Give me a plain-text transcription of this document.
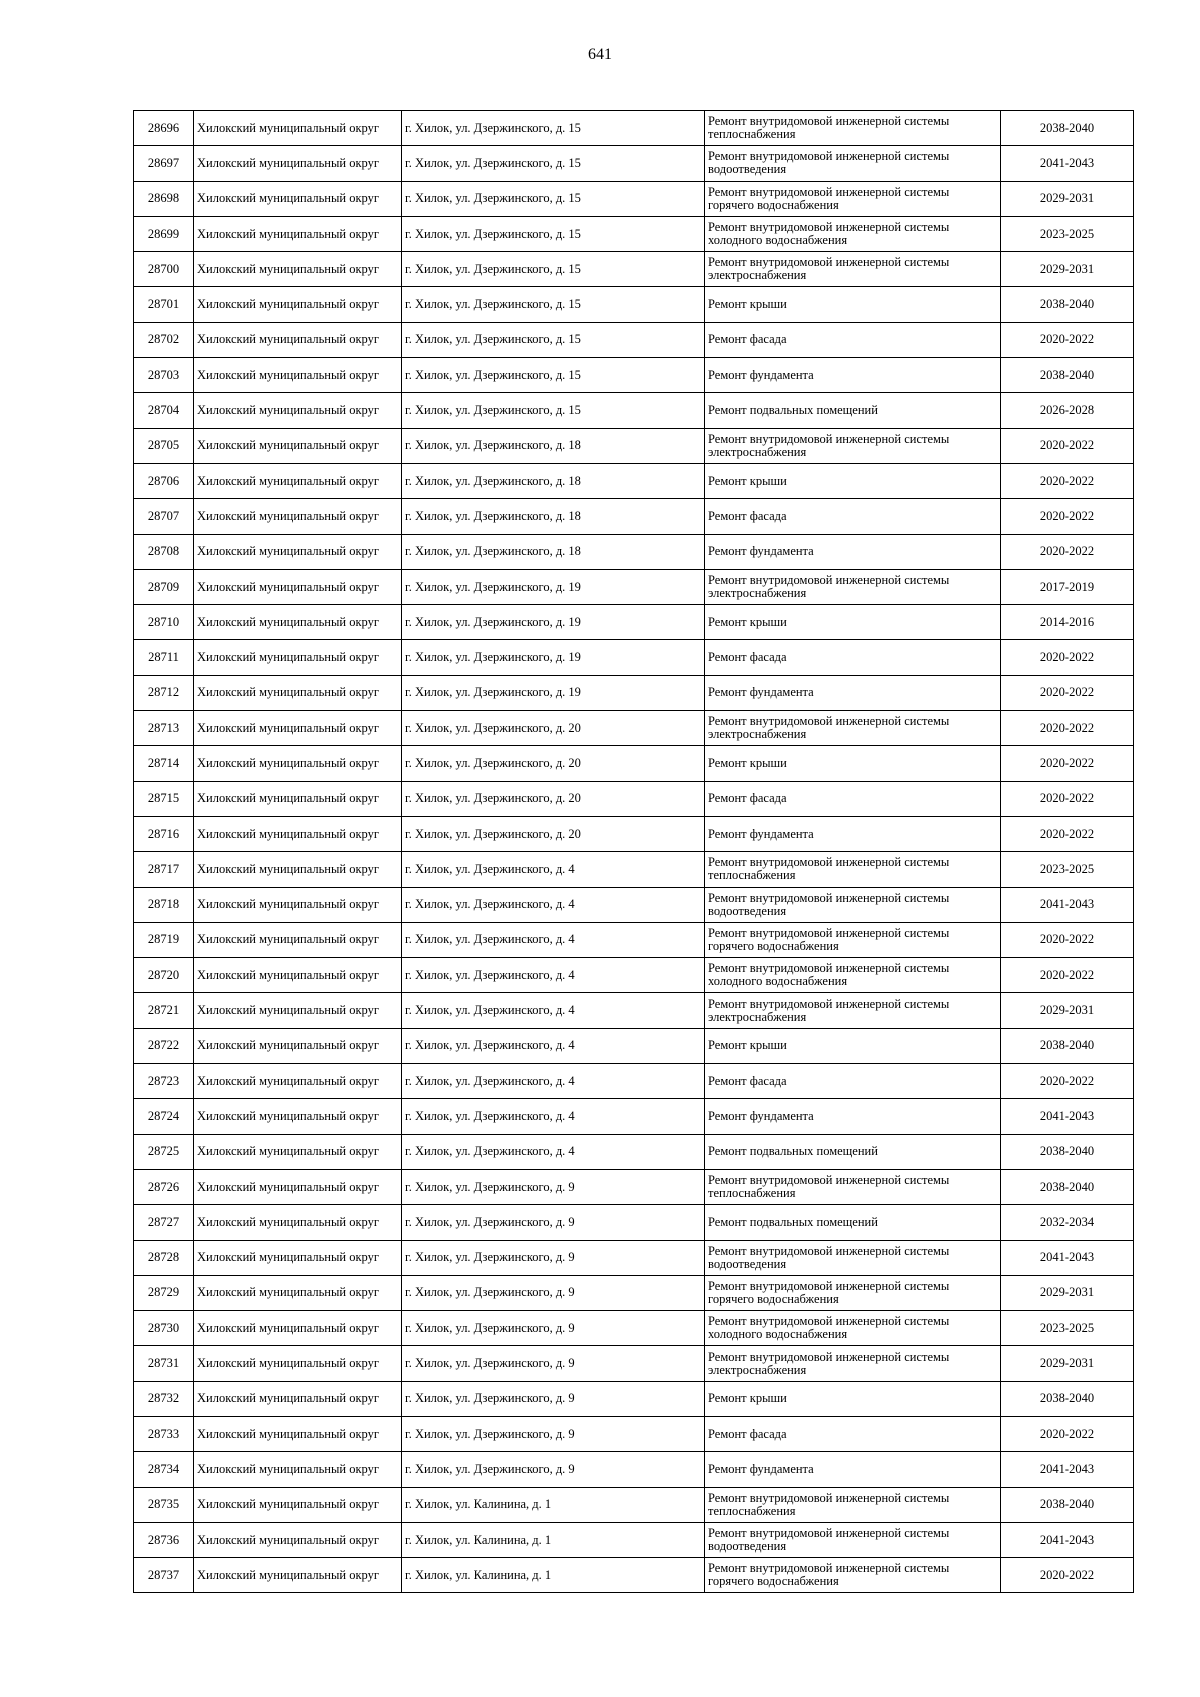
641
28696	Хилокский муниципальный округ	г. Хилок, ул. Дзержинского, д. 15	Ремонт внутридомовой инженерной системы теплоснабжения	2038-2040
28697	Хилокский муниципальный округ	г. Хилок, ул. Дзержинского, д. 15	Ремонт внутридомовой инженерной системы водоотведения	2041-2043
28698	Хилокский муниципальный округ	г. Хилок, ул. Дзержинского, д. 15	Ремонт внутридомовой инженерной системы горячего водоснабжения	2029-2031
28699	Хилокский муниципальный округ	г. Хилок, ул. Дзержинского, д. 15	Ремонт внутридомовой инженерной системы холодного водоснабжения	2023-2025
28700	Хилокский муниципальный округ	г. Хилок, ул. Дзержинского, д. 15	Ремонт внутридомовой инженерной системы электроснабжения	2029-2031
28701	Хилокский муниципальный округ	г. Хилок, ул. Дзержинского, д. 15	Ремонт крыши	2038-2040
28702	Хилокский муниципальный округ	г. Хилок, ул. Дзержинского, д. 15	Ремонт фасада	2020-2022
28703	Хилокский муниципальный округ	г. Хилок, ул. Дзержинского, д. 15	Ремонт фундамента	2038-2040
28704	Хилокский муниципальный округ	г. Хилок, ул. Дзержинского, д. 15	Ремонт подвальных помещений	2026-2028
28705	Хилокский муниципальный округ	г. Хилок, ул. Дзержинского, д. 18	Ремонт внутридомовой инженерной системы электроснабжения	2020-2022
28706	Хилокский муниципальный округ	г. Хилок, ул. Дзержинского, д. 18	Ремонт крыши	2020-2022
28707	Хилокский муниципальный округ	г. Хилок, ул. Дзержинского, д. 18	Ремонт фасада	2020-2022
28708	Хилокский муниципальный округ	г. Хилок, ул. Дзержинского, д. 18	Ремонт фундамента	2020-2022
28709	Хилокский муниципальный округ	г. Хилок, ул. Дзержинского, д. 19	Ремонт внутридомовой инженерной системы электроснабжения	2017-2019
28710	Хилокский муниципальный округ	г. Хилок, ул. Дзержинского, д. 19	Ремонт крыши	2014-2016
28711	Хилокский муниципальный округ	г. Хилок, ул. Дзержинского, д. 19	Ремонт фасада	2020-2022
28712	Хилокский муниципальный округ	г. Хилок, ул. Дзержинского, д. 19	Ремонт фундамента	2020-2022
28713	Хилокский муниципальный округ	г. Хилок, ул. Дзержинского, д. 20	Ремонт внутридомовой инженерной системы электроснабжения	2020-2022
28714	Хилокский муниципальный округ	г. Хилок, ул. Дзержинского, д. 20	Ремонт крыши	2020-2022
28715	Хилокский муниципальный округ	г. Хилок, ул. Дзержинского, д. 20	Ремонт фасада	2020-2022
28716	Хилокский муниципальный округ	г. Хилок, ул. Дзержинского, д. 20	Ремонт фундамента	2020-2022
28717	Хилокский муниципальный округ	г. Хилок, ул. Дзержинского, д. 4	Ремонт внутридомовой инженерной системы теплоснабжения	2023-2025
28718	Хилокский муниципальный округ	г. Хилок, ул. Дзержинского, д. 4	Ремонт внутридомовой инженерной системы водоотведения	2041-2043
28719	Хилокский муниципальный округ	г. Хилок, ул. Дзержинского, д. 4	Ремонт внутридомовой инженерной системы горячего водоснабжения	2020-2022
28720	Хилокский муниципальный округ	г. Хилок, ул. Дзержинского, д. 4	Ремонт внутридомовой инженерной системы холодного водоснабжения	2020-2022
28721	Хилокский муниципальный округ	г. Хилок, ул. Дзержинского, д. 4	Ремонт внутридомовой инженерной системы электроснабжения	2029-2031
28722	Хилокский муниципальный округ	г. Хилок, ул. Дзержинского, д. 4	Ремонт крыши	2038-2040
28723	Хилокский муниципальный округ	г. Хилок, ул. Дзержинского, д. 4	Ремонт фасада	2020-2022
28724	Хилокский муниципальный округ	г. Хилок, ул. Дзержинского, д. 4	Ремонт фундамента	2041-2043
28725	Хилокский муниципальный округ	г. Хилок, ул. Дзержинского, д. 4	Ремонт подвальных помещений	2038-2040
28726	Хилокский муниципальный округ	г. Хилок, ул. Дзержинского, д. 9	Ремонт внутридомовой инженерной системы теплоснабжения	2038-2040
28727	Хилокский муниципальный округ	г. Хилок, ул. Дзержинского, д. 9	Ремонт подвальных помещений	2032-2034
28728	Хилокский муниципальный округ	г. Хилок, ул. Дзержинского, д. 9	Ремонт внутридомовой инженерной системы водоотведения	2041-2043
28729	Хилокский муниципальный округ	г. Хилок, ул. Дзержинского, д. 9	Ремонт внутридомовой инженерной системы горячего водоснабжения	2029-2031
28730	Хилокский муниципальный округ	г. Хилок, ул. Дзержинского, д. 9	Ремонт внутридомовой инженерной системы холодного водоснабжения	2023-2025
28731	Хилокский муниципальный округ	г. Хилок, ул. Дзержинского, д. 9	Ремонт внутридомовой инженерной системы электроснабжения	2029-2031
28732	Хилокский муниципальный округ	г. Хилок, ул. Дзержинского, д. 9	Ремонт крыши	2038-2040
28733	Хилокский муниципальный округ	г. Хилок, ул. Дзержинского, д. 9	Ремонт фасада	2020-2022
28734	Хилокский муниципальный округ	г. Хилок, ул. Дзержинского, д. 9	Ремонт фундамента	2041-2043
28735	Хилокский муниципальный округ	г. Хилок, ул. Калинина, д. 1	Ремонт внутридомовой инженерной системы теплоснабжения	2038-2040
28736	Хилокский муниципальный округ	г. Хилок, ул. Калинина, д. 1	Ремонт внутридомовой инженерной системы водоотведения	2041-2043
28737	Хилокский муниципальный округ	г. Хилок, ул. Калинина, д. 1	Ремонт внутридомовой инженерной системы горячего водоснабжения	2020-2022
